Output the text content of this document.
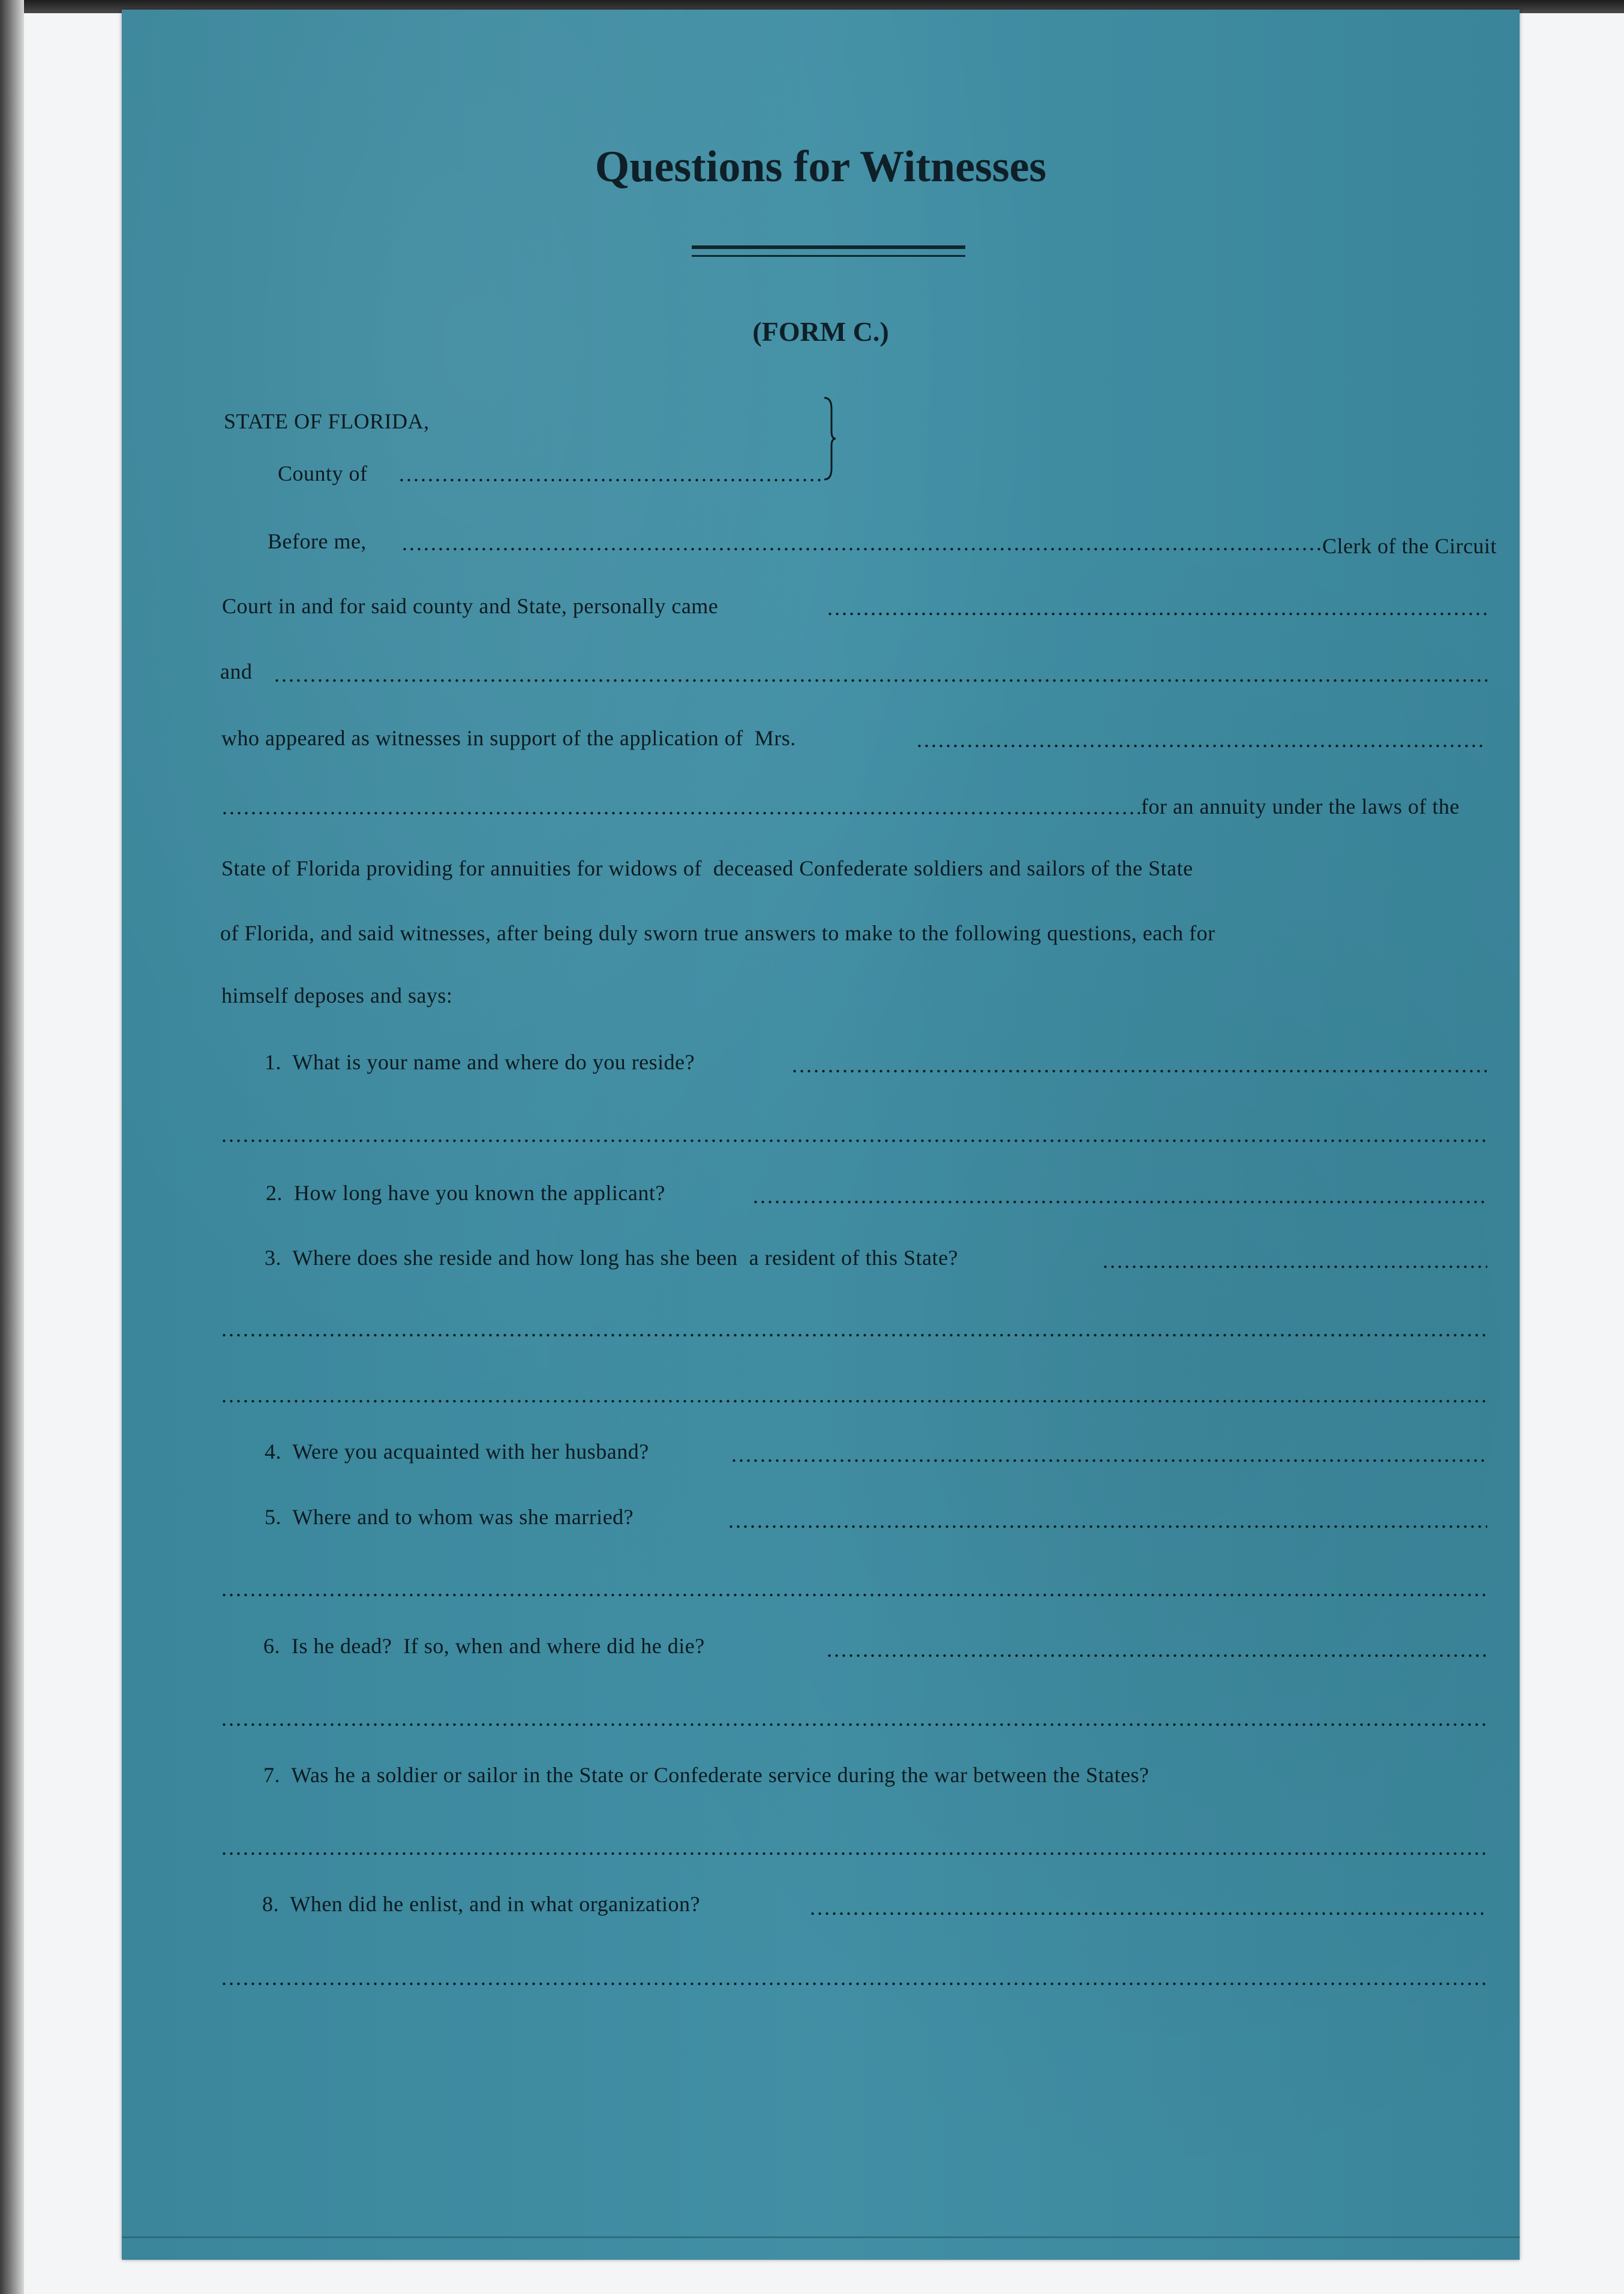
Questions for Witnesses
(FORM C.)
STATE OF FLORIDA,
County of
.....
Before me,
.....	Clerk of the Circuit
Court in and for said county and State, personally came
.....
and
.....
who appeared as witnesses in support of the application of  Mrs.
.....
.....
for an annuity under the laws of the
State of Florida providing for annuities for widows of  deceased Confederate soldiers and sailors of the State
of Florida, and said witnesses, after being duly sworn true answers to make to the following questions, each for
himself deposes and says:
1.  What is your name and where do you reside?
.....
.....
2.  How long have you known the applicant?
.....
3.  Where does she reside and how long has she been  a resident of this State?
.....
.....
.....
4.  Were you acquainted with her husband?
.....
5.  Where and to whom was she married?
.....
.....
6.  Is he dead?  If so, when and where did he die?
.....
.....
7.  Was he a soldier or sailor in the State or Confederate service during the war between the States?
.....
8.  When did he enlist, and in what organization?
.....
.....
